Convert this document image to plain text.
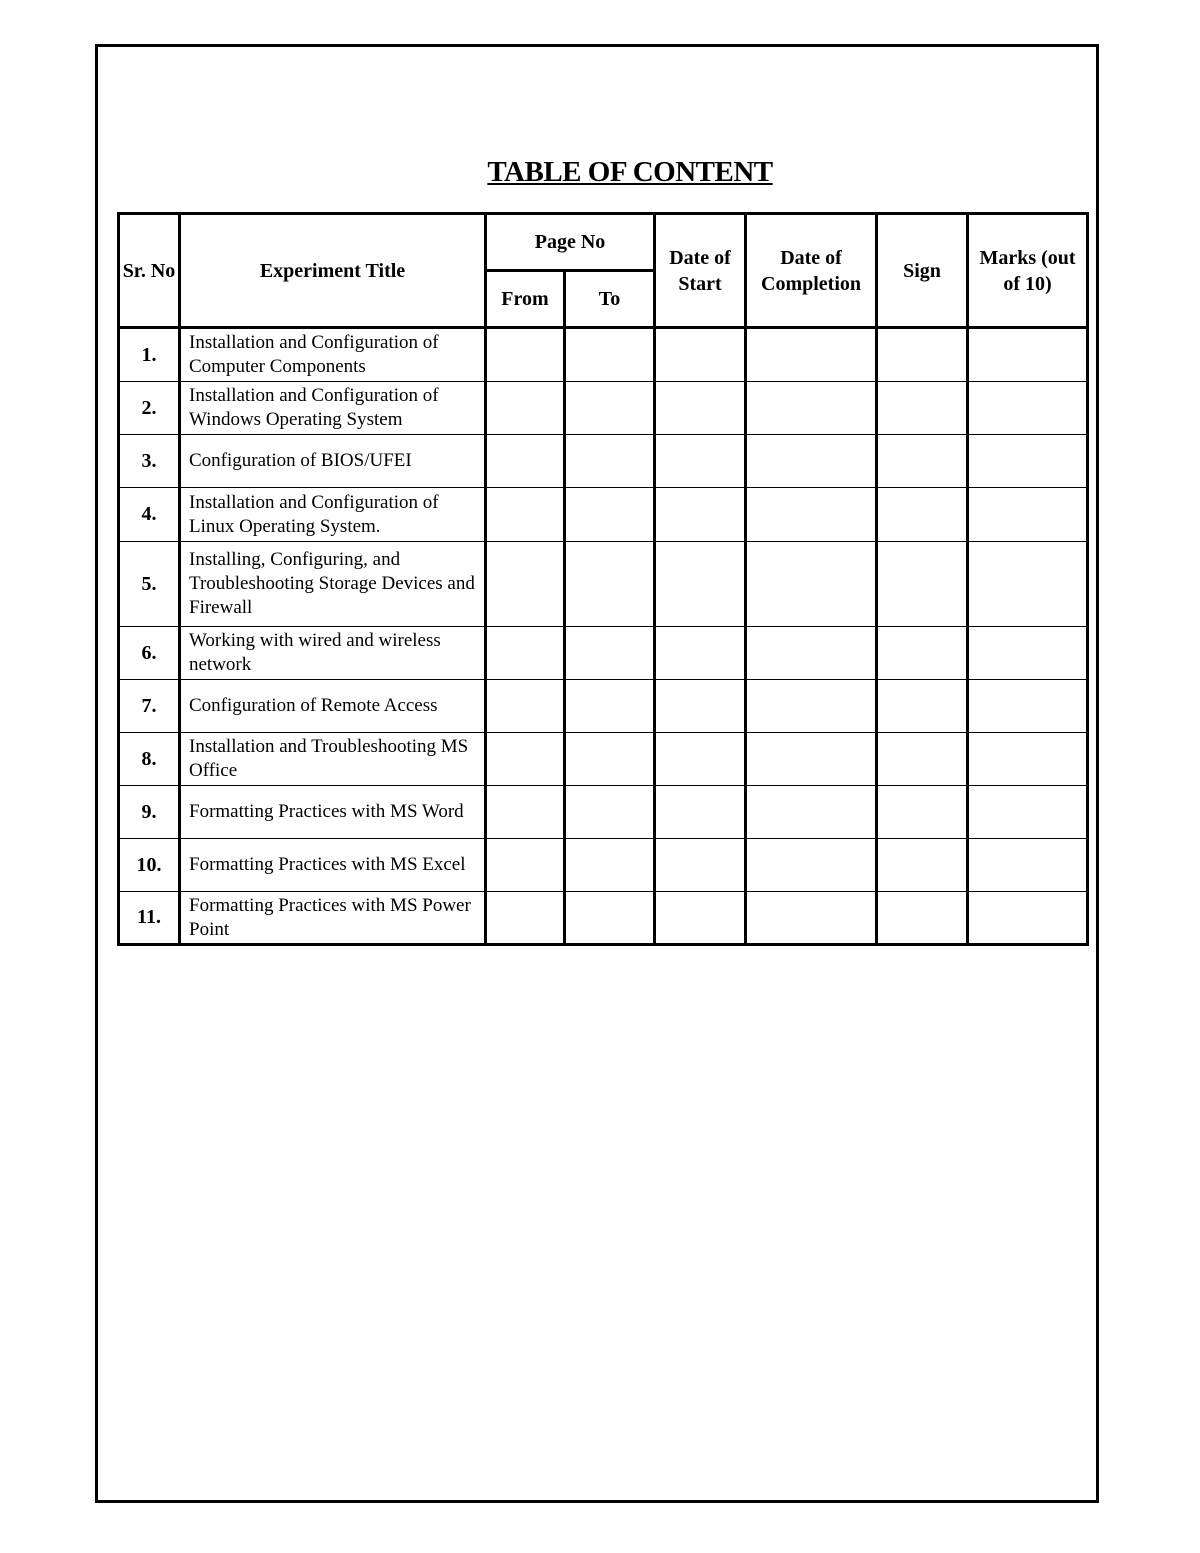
TABLE OF CONTENT
Sr. No	Experiment Title	Page No		Date of Start	Date of Completion	Sign	Marks (out of 10)
		From	To				
1.	Installation and Configuration of Computer Components						
2.	Installation and Configuration of Windows Operating System						
3.	Configuration of BIOS/UFEI						
4.	Installation and Configuration of Linux Operating System.						
5.	Installing, Configuring, and Troubleshooting Storage Devices and Firewall						
6.	Working with wired and wireless network						
7.	Configuration of Remote Access						
8.	Installation and Troubleshooting MS Office						
9.	Formatting Practices with MS Word						
10.	Formatting Practices with MS Excel						
11.	Formatting Practices with MS Power Point						
